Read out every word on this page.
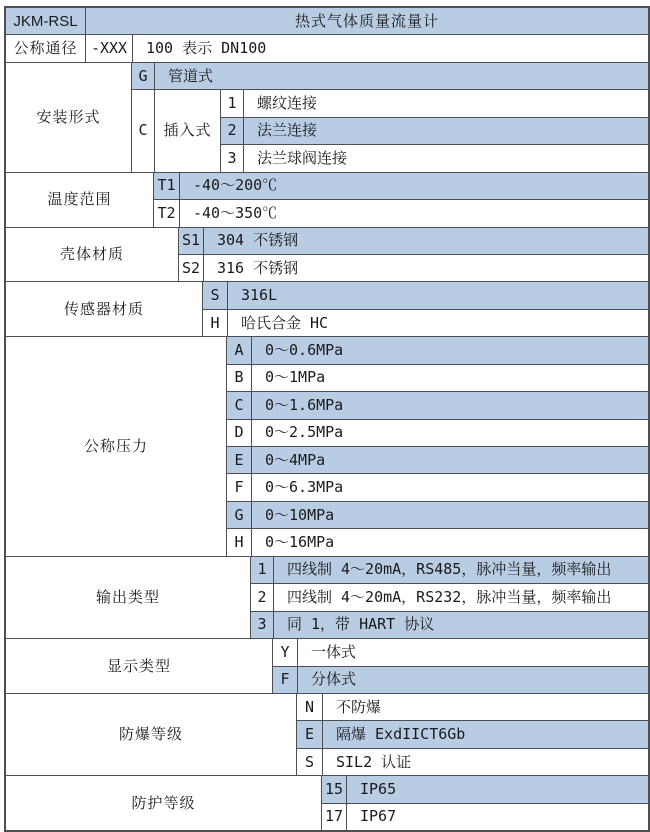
JKM-RSL	热式气体质量流量计
公称通径 -XXX	100 表示 DN100
安装形式
G	管道式
C	插入式
1	螺纹连接
2	法兰连接
3	法兰球阀连接
温度范围
T1	-40～200℃
T2	-40～350℃
壳体材质
S1	304 不锈钢
S2	316 不锈钢
传感器材质
S	316L
H	哈氏合金 HC
公称压力
A	0～0.6MPa
B	0～1MPa
C	0～1.6MPa
D	0～2.5MPa
E	0～4MPa
F	0～6.3MPa
G	0～10MPa
H	0～16MPa
输出类型
1	四线制 4～20mA，RS485，脉冲当量，频率输出
2	四线制 4～20mA，RS232，脉冲当量，频率输出
3	同 1，带 HART 协议
显示类型
Y	一体式
F	分体式
防爆等级
N	不防爆
E	隔爆 ExdIICT6Gb
S	SIL2 认证
防护等级
15	IP65
17	IP67
